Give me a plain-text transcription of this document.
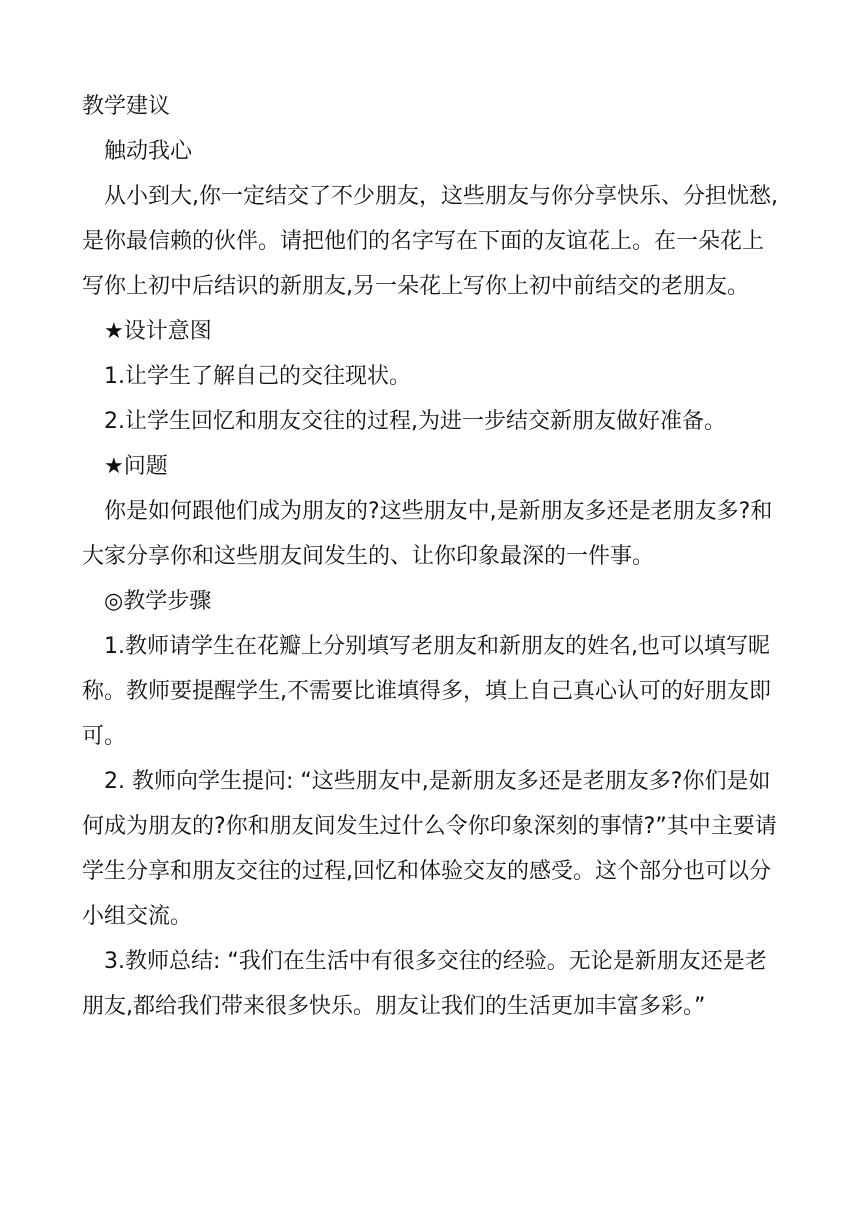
教学建议

触动我心

从小到大,你一定结交了不少朋友，这些朋友与你分享快乐、分担忧愁,是你最信赖的伙伴。请把他们的名字写在下面的友谊花上。在一朵花上写你上初中后结识的新朋友,另一朵花上写你上初中前结交的老朋友。

★设计意图

1.让学生了解自己的交往现状。

2.让学生回忆和朋友交往的过程,为进一步结交新朋友做好准备。

★问题

你是如何跟他们成为朋友的?这些朋友中,是新朋友多还是老朋友多?和大家分享你和这些朋友间发生的、让你印象最深的一件事。

◎教学步骤

1.教师请学生在花瓣上分别填写老朋友和新朋友的姓名,也可以填写昵称。教师要提醒学生,不需要比谁填得多，填上自己真心认可的好朋友即可。

2. 教师向学生提问: “这些朋友中,是新朋友多还是老朋友多?你们是如何成为朋友的?你和朋友间发生过什么令你印象深刻的事情?”其中主要请学生分享和朋友交往的过程,回忆和体验交友的感受。这个部分也可以分小组交流。

3.教师总结: “我们在生活中有很多交往的经验。无论是新朋友还是老朋友,都给我们带来很多快乐。朋友让我们的生活更加丰富多彩。”
